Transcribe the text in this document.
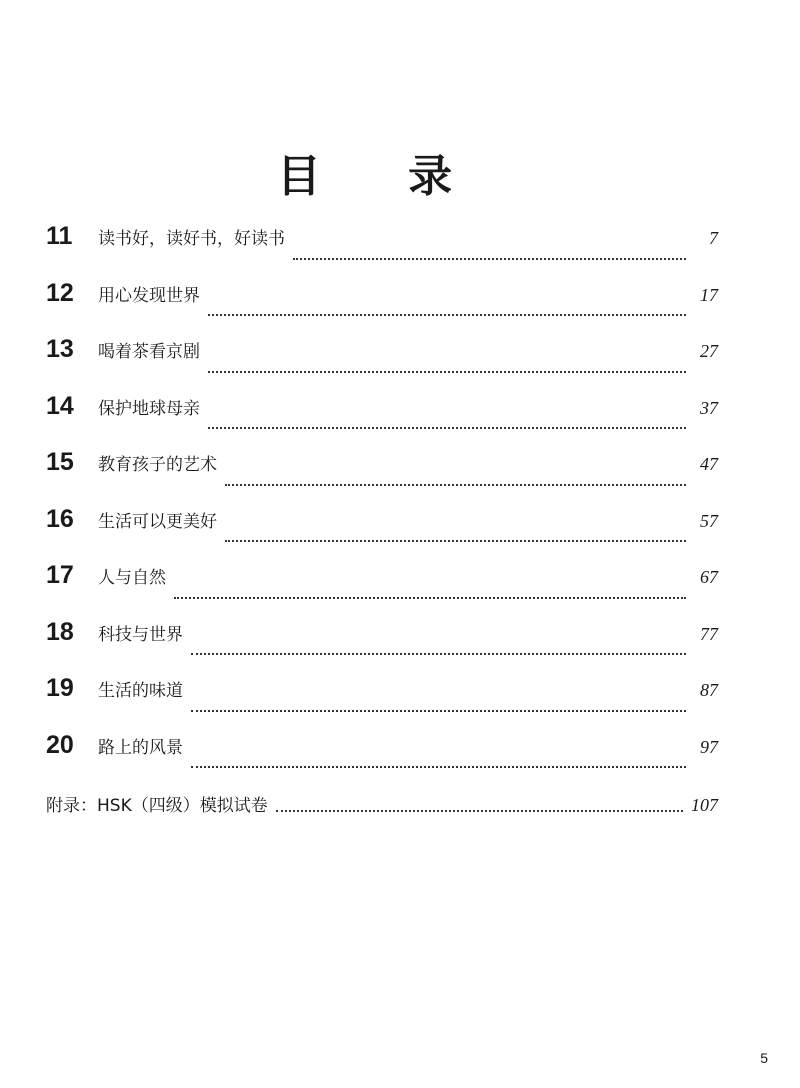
目 录
11	读书好，读好书，好读书	7
12	用心发现世界	17
13	喝着茶看京剧	27
14	保护地球母亲	37
15	教育孩子的艺术	47
16	生活可以更美好	57
17	人与自然	67
18	科技与世界	77
19	生活的味道	87
20	路上的风景	97
附录：HSK（四级）模拟试卷	107
5
